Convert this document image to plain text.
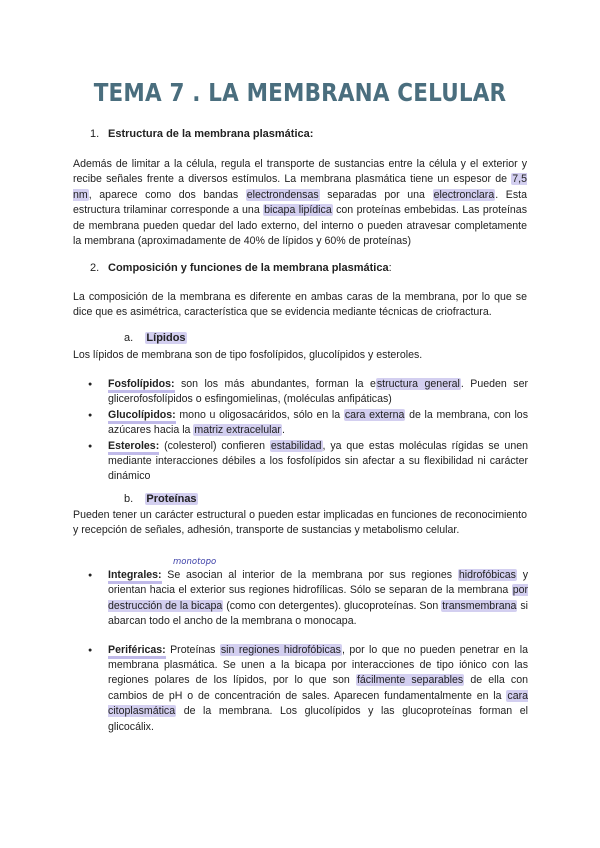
TEMA 7 . LA MEMBRANA CELULAR
1. Estructura de la membrana plasmática:
Además de limitar a la célula, regula el transporte de sustancias entre la célula y el exterior y recibe señales frente a diversos estímulos. La membrana plasmática tiene un espesor de 7,5 nm, aparece como dos bandas electrondensas separadas por una electronclara. Esta estructura trilaminar corresponde a una bicapa lipídica con proteínas embebidas. Las proteínas de membrana pueden quedar del lado externo, del interno o pueden atravesar completamente la membrana (aproximadamente de 40% de lípidos y 60% de proteínas)
2. Composición y funciones de la membrana plasmática:
La composición de la membrana es diferente en ambas caras de la membrana, por lo que se dice que es asimétrica, característica que se evidencia mediante técnicas de criofractura.
a. Lípidos
Los lípidos de membrana son de tipo fosfolípidos, glucolípidos y esteroles.
● Fosfolípidos: son los más abundantes, forman la estructura general. Pueden ser glicerofosfolípidos o esfingomielinas, (moléculas anfipáticas)
● Glucolípidos: mono u oligosacáridos, sólo en la cara externa de la membrana, con los azúcares hacia la matriz extracelular.
● Esteroles: (colesterol) confieren estabilidad, ya que estas moléculas rígidas se unen mediante interacciones débiles a los fosfolípidos sin afectar a su flexibilidad ni carácter dinámico
b. Proteínas
Pueden tener un carácter estructural o pueden estar implicadas en funciones de reconocimiento y recepción de señales, adhesión, transporte de sustancias y metabolismo celular.
monotopo
● Integrales: Se asocian al interior de la membrana por sus regiones hidrofóbicas y orientan hacia el exterior sus regiones hidrofílicas. Sólo se separan de la membrana por destrucción de la bicapa (como con detergentes). glucoproteínas. Son transmembrana si abarcan todo el ancho de la membrana o monocapa.
● Periféricas: Proteínas sin regiones hidrofóbicas, por lo que no pueden penetrar en la membrana plasmática. Se unen a la bicapa por interacciones de tipo iónico con las regiones polares de los lípidos, por lo que son fácilmente separables de ella con cambios de pH o de concentración de sales. Aparecen fundamentalmente en la cara citoplasmática de la membrana. Los glucolípidos y las glucoproteínas forman el glicocálix.
